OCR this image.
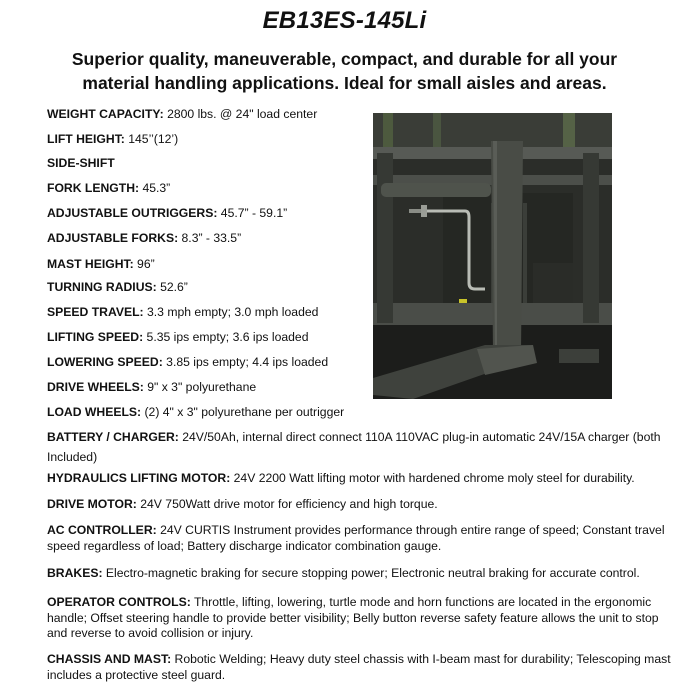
EB13ES-145Li
Superior quality, maneuverable, compact, and durable for all your material handling applications. Ideal for small aisles and areas.
WEIGHT CAPACITY: 2800 lbs. @ 24" load center
LIFT HEIGHT: 145’’(12’)
SIDE-SHIFT
FORK LENGTH: 45.3”
ADJUSTABLE OUTRIGGERS: 45.7” - 59.1”
ADJUSTABLE FORKS: 8.3” - 33.5”
MAST HEIGHT: 96”
TURNING RADIUS: 52.6”
SPEED TRAVEL: 3.3 mph empty; 3.0 mph loaded
LIFTING SPEED: 5.35 ips empty; 3.6 ips loaded
LOWERING SPEED: 3.85 ips empty; 4.4 ips loaded
DRIVE WHEELS: 9" x 3" polyurethane
LOAD WHEELS: (2) 4" x 3" polyurethane per outrigger
BATTERY / CHARGER: 24V/50Ah, internal direct connect 110A 110VAC plug-in automatic 24V/15A charger (both Included)
HYDRAULICS LIFTING MOTOR: 24V 2200 Watt lifting motor with hardened chrome moly steel for durability.
DRIVE MOTOR: 24V 750Watt drive motor for efficiency and high torque.
AC CONTROLLER: 24V CURTIS Instrument provides performance through entire range of speed; Constant travel speed regardless of load; Battery discharge indicator combination gauge.
BRAKES: Electro-magnetic braking for secure stopping power; Electronic neutral braking for accurate control.
OPERATOR CONTROLS: Throttle, lifting, lowering, turtle mode and horn functions are located in the ergonomic handle; Offset steering handle to provide better visibility; Belly button reverse safety feature allows the unit to stop and reverse to avoid collision or injury.
CHASSIS AND MAST: Robotic Welding; Heavy duty steel chassis with I-beam mast for durability; Telescoping mast includes a protective steel guard.
